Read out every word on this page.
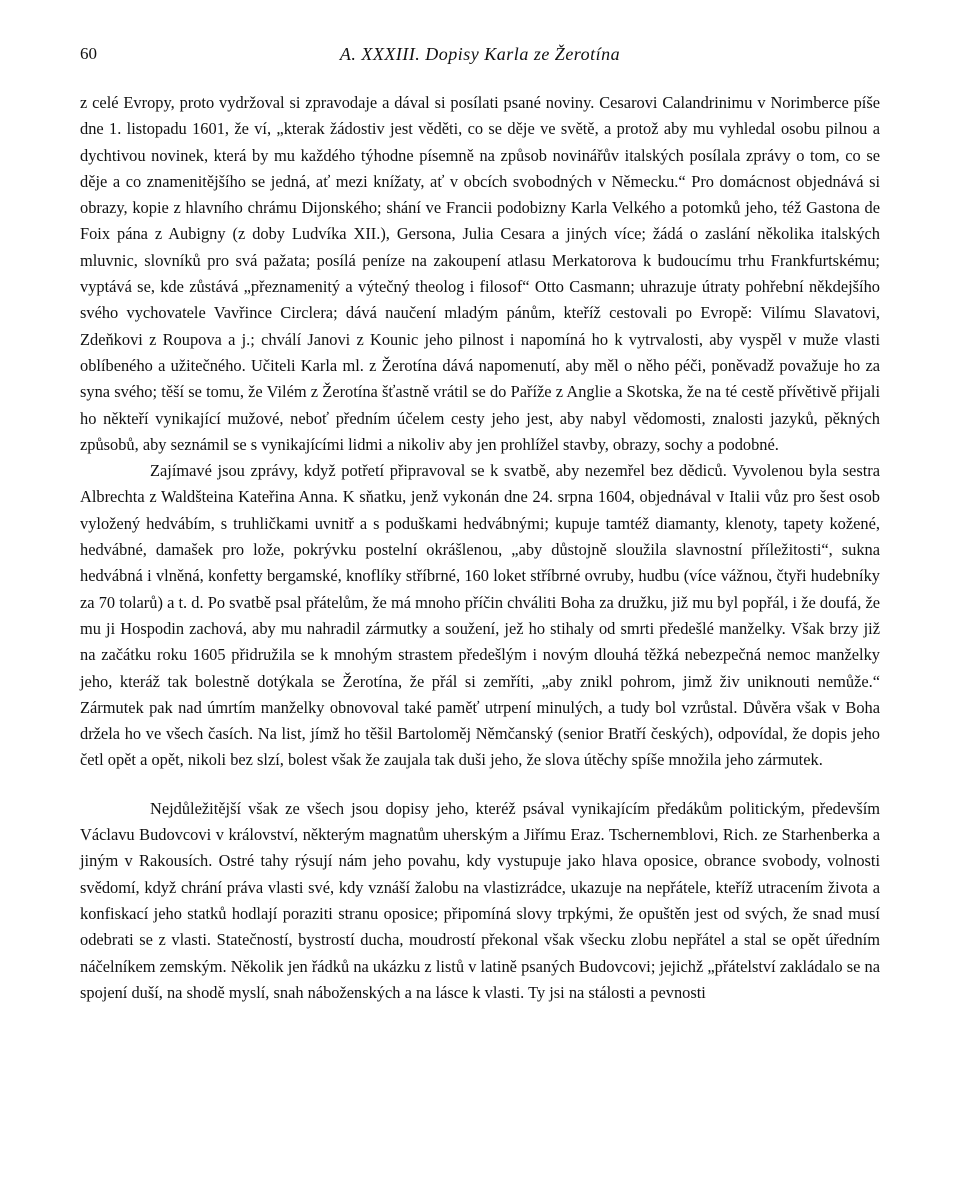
60	A. XXXIII. Dopisy Karla ze Žerotína

z celé Evropy, proto vydržoval si zpravodaje a dával si posílati psané noviny. Cesarovi Calandrinimu v Norimberce píše dne 1. listopadu 1601, že ví, „kterak žádostiv jest věděti, co se děje ve světě, a protož aby mu vyhledal osobu pilnou a dychtivou novinek, která by mu každého týhodne písemně na způsob novinářův italských posílala zprávy o tom, co se děje a co znamenitějšího se jedná, ať mezi knížaty, ať v obcích svobodných v Německu.“ Pro domácnost objednává si obrazy, kopie z hlavního chrámu Dijonského; shání ve Francii podobizny Karla Velkého a potomků jeho, též Gastona de Foix pána z Aubigny (z doby Ludvíka XII.), Gersona, Julia Cesara a jiných více; žádá o zaslání několika italských mluvnic, slovníků pro svá pažata; posílá peníze na zakoupení atlasu Merkatorova k budoucímu trhu Frankfurtskému; vyptává se, kde zůstává „přeznamenitý a výtečný theolog i filosof“ Otto Casmann; uhrazuje útraty pohřební někdejšího svého vychovatele Vavřince Circlera; dává naučení mladým pánům, kteříž cestovali po Evropě: Vilímu Slavatovi, Zdeňkovi z Roupova a j.; chválí Janovi z Kounic jeho pilnost i napomíná ho k vytrvalosti, aby vyspěl v muže vlasti oblíbeného a užitečného. Učiteli Karla ml. z Žerotína dává napomenutí, aby měl o něho péči, poněvadž považuje ho za syna svého; těší se tomu, že Vilém z Žerotína šťastně vrátil se do Paříže z Anglie a Skotska, že na té cestě přívětivě přijali ho někteří vynikající mužové, neboť předním účelem cesty jeho jest, aby nabyl vědomosti, znalosti jazyků, pěkných způsobů, aby seznámil se s vynikajícími lidmi a nikoliv aby jen prohlížel stavby, obrazy, sochy a podobné.

Zajímavé jsou zprávy, když potřetí připravoval se k svatbě, aby nezemřel bez dědiců. Vyvolenou byla sestra Albrechta z Waldšteina Kateřina Anna. K sňatku, jenž vykonán dne 24. srpna 1604, objednával v Italii vůz pro šest osob vyložený hedvábím, s truhličkami uvnitř a s poduškami hedvábnými; kupuje tamtéž diamanty, klenoty, tapety kožené, hedvábné, damašek pro lože, pokrývku postelní okrášlenou, „aby důstojně sloužila slavnostní příležitosti“, sukna hedvábná i vlněná, konfetty bergamské, knoflíky stříbrné, 160 loket stříbrné ovruby, hudbu (více vážnou, čtyři hudebníky za 70 tolarů) a t. d. Po svatbě psal přátelům, že má mnoho příčin chváliti Boha za družku, již mu byl popřál, i že doufá, že mu ji Hospodin zachová, aby mu nahradil zármutky a soužení, jež ho stihaly od smrti předešlé manželky. Však brzy již na začátku roku 1605 přidružila se k mnohým strastem předešlým i novým dlouhá těžká nebezpečná nemoc manželky jeho, kteráž tak bolestně dotýkala se Žerotína, že přál si zemříti, „aby znikl pohrom, jimž živ uniknouti nemůže.“ Zármutek pak nad úmrtím manželky obnovoval také paměť utrpení minulých, a tudy bol vzrůstal. Důvěra však v Boha držela ho ve všech časích. Na list, jímž ho těšil Bartoloměj Němčanský (senior Bratří českých), odpovídal, že dopis jeho četl opět a opět, nikoli bez slzí, bolest však že zaujala tak duši jeho, že slova útěchy spíše množila jeho zármutek.

Nejdůležitější však ze všech jsou dopisy jeho, kteréž psával vynikajícím předákům politickým, především Václavu Budovcovi v království, některým magnatům uherským a Jiřímu Eraz. Tschernemblovi, Rich. ze Starhenberka a jiným v Rakousích. Ostré tahy rýsují nám jeho povahu, kdy vystupuje jako hlava oposice, obrance svobody, volnosti svědomí, když chrání práva vlasti své, kdy vznáší žalobu na vlastizrádce, ukazuje na nepřátele, kteříž utracením života a konfiskací jeho statků hodlají poraziti stranu oposice; připomíná slovy trpkými, že opuštěn jest od svých, že snad musí odebrati se z vlasti. Statečností, bystrostí ducha, moudrostí překonal však všecku zlobu nepřátel a stal se opět úředním náčelníkem zemským. Několik jen řádků na ukázku z listů v latině psaných Budovcovi; jejichž „přátelství zakládalo se na spojení duší, na shodě myslí, snah náboženských a na lásce k vlasti. Ty jsi na stálosti a pevnosti
